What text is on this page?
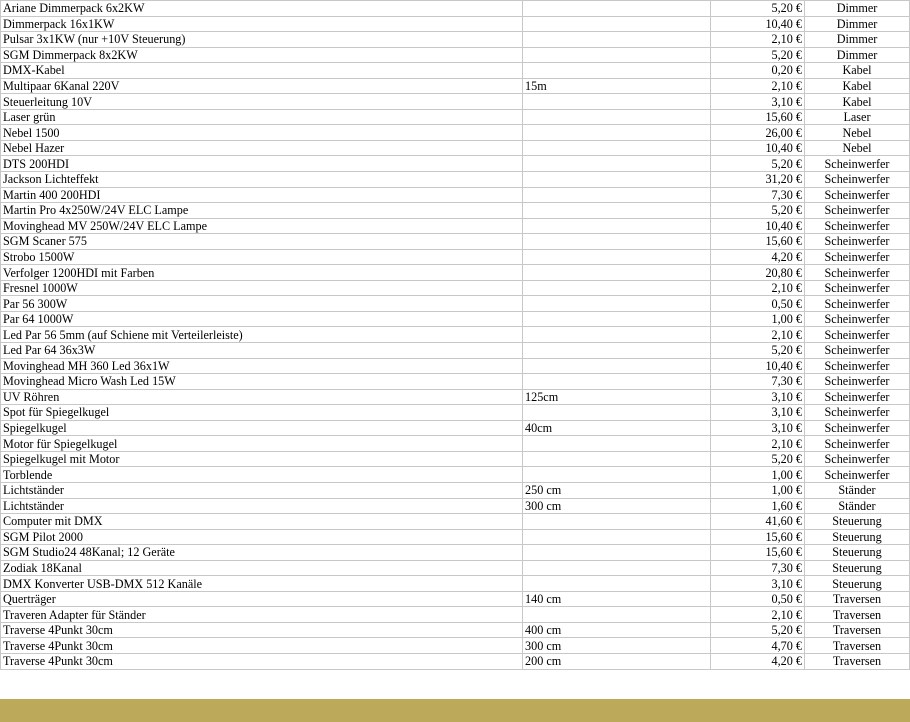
Ariane Dimmerpack 6x2KW		5,20 €	Dimmer
Dimmerpack 16x1KW		10,40 €	Dimmer
Pulsar 3x1KW (nur +10V Steuerung)		2,10 €	Dimmer
SGM Dimmerpack 8x2KW		5,20 €	Dimmer
DMX-Kabel		0,20 €	Kabel
Multipaar 6Kanal 220V	15m	2,10 €	Kabel
Steuerleitung 10V		3,10 €	Kabel
Laser grün		15,60 €	Laser
Nebel 1500		26,00 €	Nebel
Nebel Hazer		10,40 €	Nebel
DTS 200HDI		5,20 €	Scheinwerfer
Jackson Lichteffekt		31,20 €	Scheinwerfer
Martin 400 200HDI		7,30 €	Scheinwerfer
Martin Pro 4x250W/24V ELC Lampe		5,20 €	Scheinwerfer
Movinghead MV 250W/24V ELC Lampe		10,40 €	Scheinwerfer
SGM Scaner 575		15,60 €	Scheinwerfer
Strobo 1500W		4,20 €	Scheinwerfer
Verfolger 1200HDI mit Farben		20,80 €	Scheinwerfer
Fresnel 1000W		2,10 €	Scheinwerfer
Par 56 300W		0,50 €	Scheinwerfer
Par 64 1000W		1,00 €	Scheinwerfer
Led Par 56 5mm (auf Schiene mit Verteilerleiste)		2,10 €	Scheinwerfer
Led Par 64 36x3W		5,20 €	Scheinwerfer
Movinghead MH 360 Led 36x1W		10,40 €	Scheinwerfer
Movinghead Micro Wash Led 15W		7,30 €	Scheinwerfer
UV Röhren	125cm	3,10 €	Scheinwerfer
Spot für Spiegelkugel		3,10 €	Scheinwerfer
Spiegelkugel	40cm	3,10 €	Scheinwerfer
Motor für Spiegelkugel		2,10 €	Scheinwerfer
Spiegelkugel mit Motor		5,20 €	Scheinwerfer
Torblende		1,00 €	Scheinwerfer
Lichtständer	250 cm	1,00 €	Ständer
Lichtständer	300 cm	1,60 €	Ständer
Computer mit DMX		41,60 €	Steuerung
SGM Pilot 2000		15,60 €	Steuerung
SGM Studio24 48Kanal; 12 Geräte		15,60 €	Steuerung
Zodiak 18Kanal		7,30 €	Steuerung
DMX Konverter USB-DMX 512 Kanäle		3,10 €	Steuerung
Querträger	140 cm	0,50 €	Traversen
Traveren Adapter für Ständer		2,10 €	Traversen
Traverse 4Punkt 30cm	400 cm	5,20 €	Traversen
Traverse 4Punkt 30cm	300 cm	4,70 €	Traversen
Traverse 4Punkt 30cm	200 cm	4,20 €	Traversen
